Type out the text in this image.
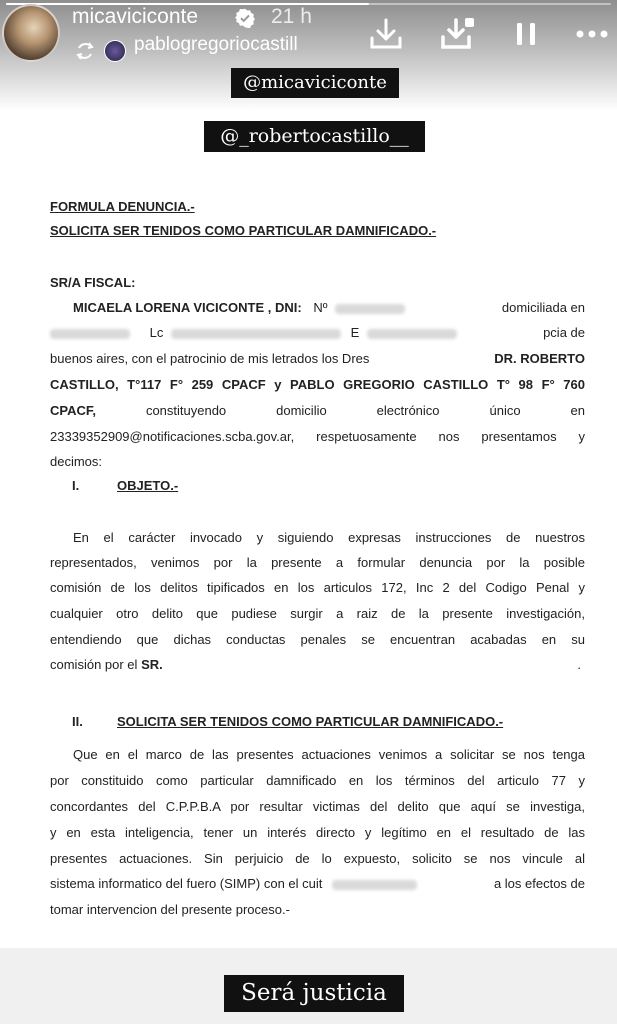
micaviciconte	21 h
pablogregoriocastill
@micaviciconte
@_robertocastillo__
FORMULA DENUNCIA.-
SOLICITA SER TENIDOS COMO PARTICULAR DAMNIFICADO.-
SR/A FISCAL:
MICAELA LORENA VICICONTE , DNI: Nº	domiciliada en
Lc	E	pcia de
buenos aires, con el patrocinio de mis letrados los Dres	DR. ROBERTO
CASTILLO, T°117 F° 259 CPACF y PABLO GREGORIO CASTILLO T° 98 F° 760
CPACF,	constituyendo	domicilio	electrónico	único	en
23339352909@notificaciones.scba.gov.ar, respetuosamente nos presentamos y
decimos:
I.	OBJETO.-
En el carácter invocado y siguiendo expresas instrucciones de nuestros
representados, venimos por la presente a formular denuncia por la posible
comisión de los delitos tipificados en los articulos 172, Inc 2 del Codigo Penal y
cualquier otro delito que pudiese surgir a raiz de la presente investigación,
entendiendo que dichas conductas penales se encuentran acabadas en su
comisión por el SR.	.
II.	SOLICITA SER TENIDOS COMO PARTICULAR DAMNIFICADO.-
Que en el marco de las presentes actuaciones venimos a solicitar se nos tenga
por constituido como particular damnificado en los términos del articulo 77 y
concordantes del C.P.P.B.A por resultar victimas del delito que aquí se investiga,
y en esta inteligencia, tener un interés directo y legítimo en el resultado de las
presentes actuaciones. Sin perjuicio de lo expuesto, solicito se nos vincule al
sistema informatico del fuero (SIMP) con el cuit	a los efectos de
tomar intervencion del presente proceso.-
Será justicia
